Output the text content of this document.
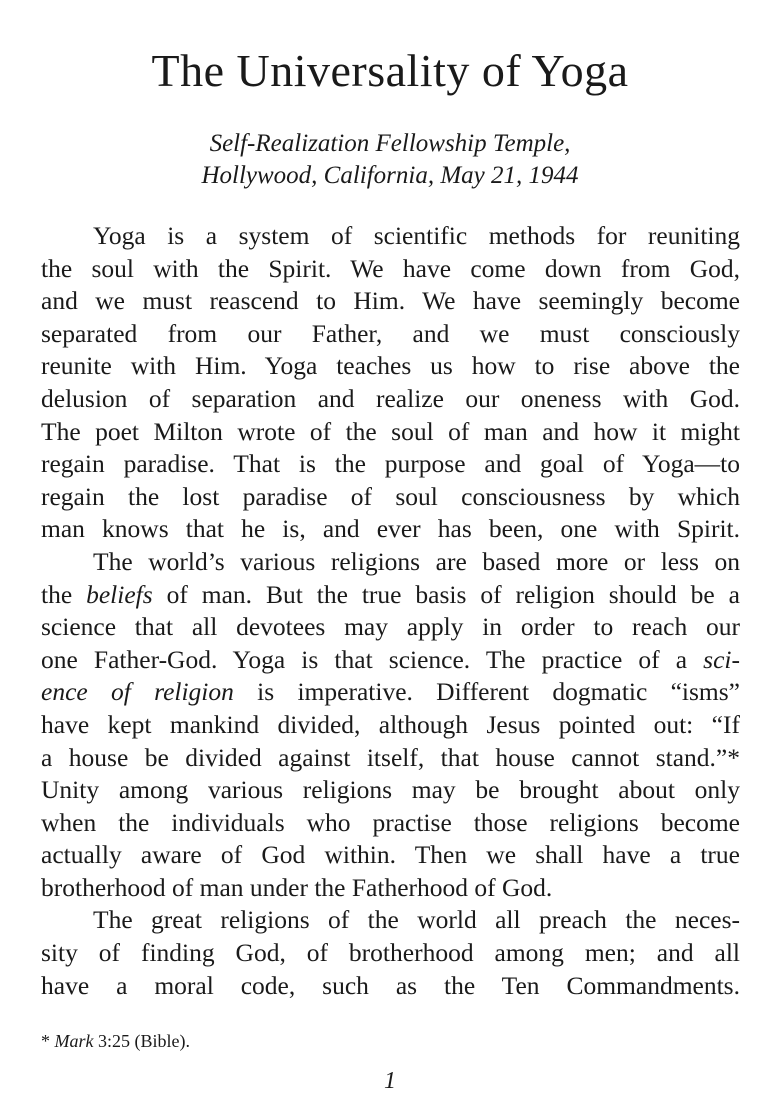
The Universality of Yoga
Self-Realization Fellowship Temple,
Hollywood, California, May 21, 1944
Yoga is a system of scientific methods for reuniting
the soul with the Spirit. We have come down from God,
and we must reascend to Him. We have seemingly become
separated from our Father, and we must consciously
reunite with Him. Yoga teaches us how to rise above the
delusion of separation and realize our oneness with God.
The poet Milton wrote of the soul of man and how it might
regain paradise. That is the purpose and goal of Yoga—to
regain the lost paradise of soul consciousness by which
man knows that he is, and ever has been, one with Spirit.
The world’s various religions are based more or less on
the beliefs of man. But the true basis of religion should be a
science that all devotees may apply in order to reach our
one Father-God. Yoga is that science. The practice of a sci-
ence of religion is imperative. Different dogmatic “isms”
have kept mankind divided, although Jesus pointed out: “If
a house be divided against itself, that house cannot stand.”*
Unity among various religions may be brought about only
when the individuals who practise those religions become
actually aware of God within. Then we shall have a true
brotherhood of man under the Fatherhood of God.
The great religions of the world all preach the neces-
sity of finding God, of brotherhood among men; and all
have a moral code, such as the Ten Commandments.
* Mark 3:25 (Bible).
1
